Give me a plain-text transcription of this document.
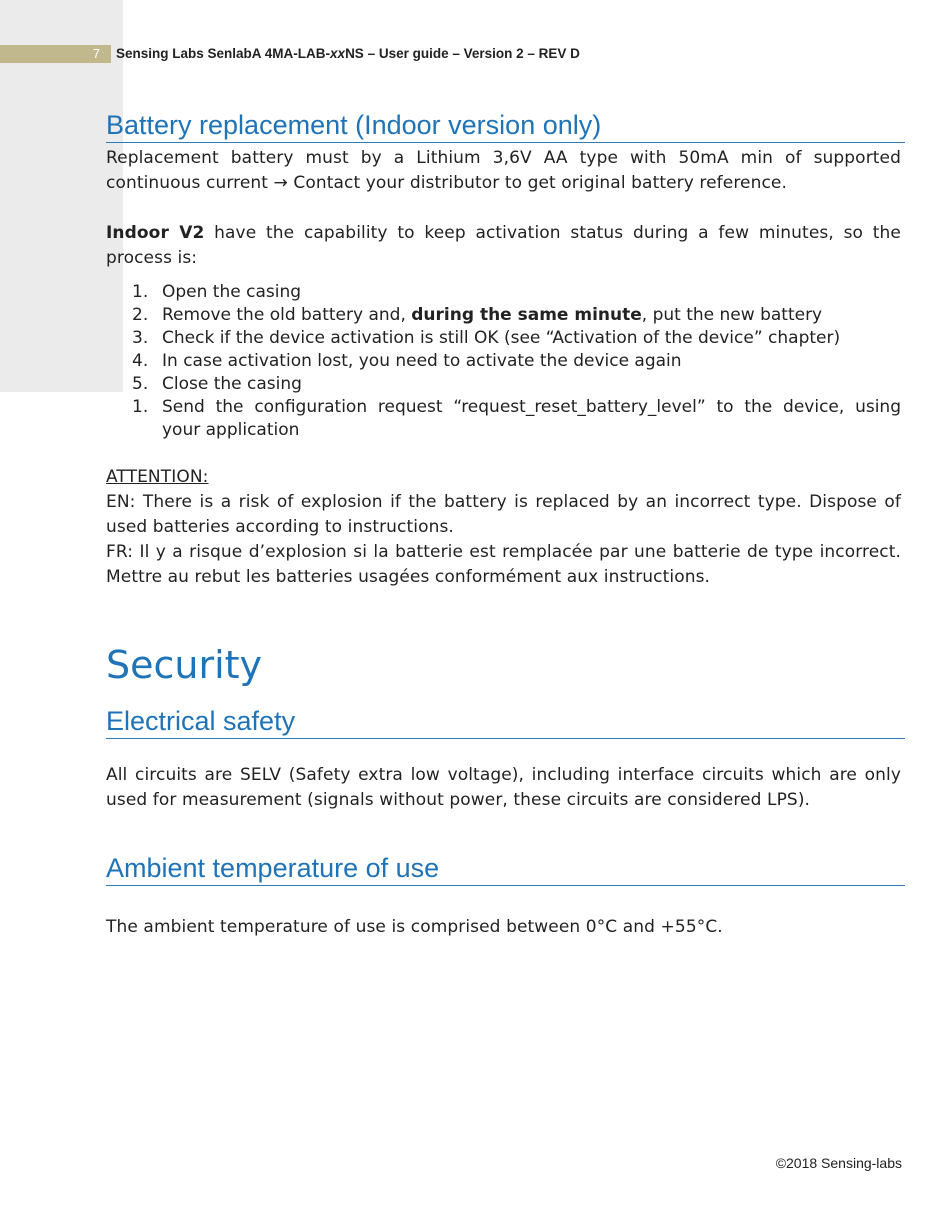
7 Sensing Labs SenlabA 4MA-LAB-xxNS – User guide – Version 2 – REV D
Battery replacement (Indoor version only)

Replacement battery must by a Lithium 3,6V AA type with 50mA min of supported continuous current → Contact your distributor to get original battery reference.

Indoor V2 have the capability to keep activation status during a few minutes, so the process is:

1. Open the casing
2. Remove the old battery and, during the same minute, put the new battery
3. Check if the device activation is still OK (see “Activation of the device” chapter)
4. In case activation lost, you need to activate the device again
5. Close the casing
1. Send the configuration request “request_reset_battery_level” to the device, using your application

ATTENTION:

EN: There is a risk of explosion if the battery is replaced by an incorrect type. Dispose of used batteries according to instructions.

FR: Il y a risque d’explosion si la batterie est remplacée par une batterie de type incorrect. Mettre au rebut les batteries usagées conformément aux instructions.

Security
Electrical safety

All circuits are SELV (Safety extra low voltage), including interface circuits which are only used for measurement (signals without power, these circuits are considered LPS).

Ambient temperature of use

The ambient temperature of use is comprised between 0°C and +55°C.

©2018 Sensing-labs
